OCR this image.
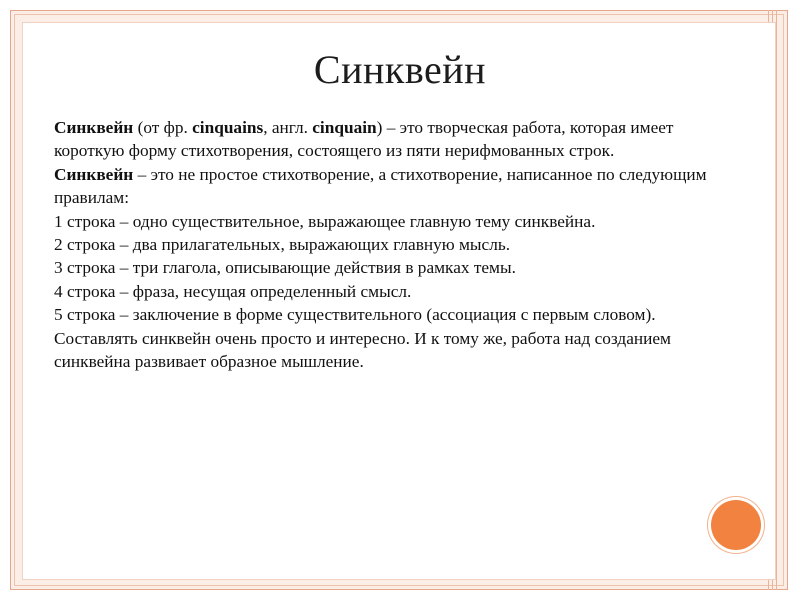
Синквейн

Синквейн (от фр. cinquains, англ. cinquain) – это творческая работа, которая имеет короткую форму стихотворения, состоящего из пяти нерифмованных строк.

Синквейн – это не простое стихотворение, а стихотворение, написанное по следующим правилам:

1 строка – одно существительное, выражающее главную тему синквейна.

2 строка – два прилагательных, выражающих главную мысль.

3 строка – три глагола, описывающие действия в рамках темы.

4 строка – фраза, несущая определенный смысл.

5 строка – заключение в форме существительного (ассоциация с первым словом).

Составлять синквейн очень просто и интересно. И к тому же, работа над созданием синквейна развивает образное мышление.
